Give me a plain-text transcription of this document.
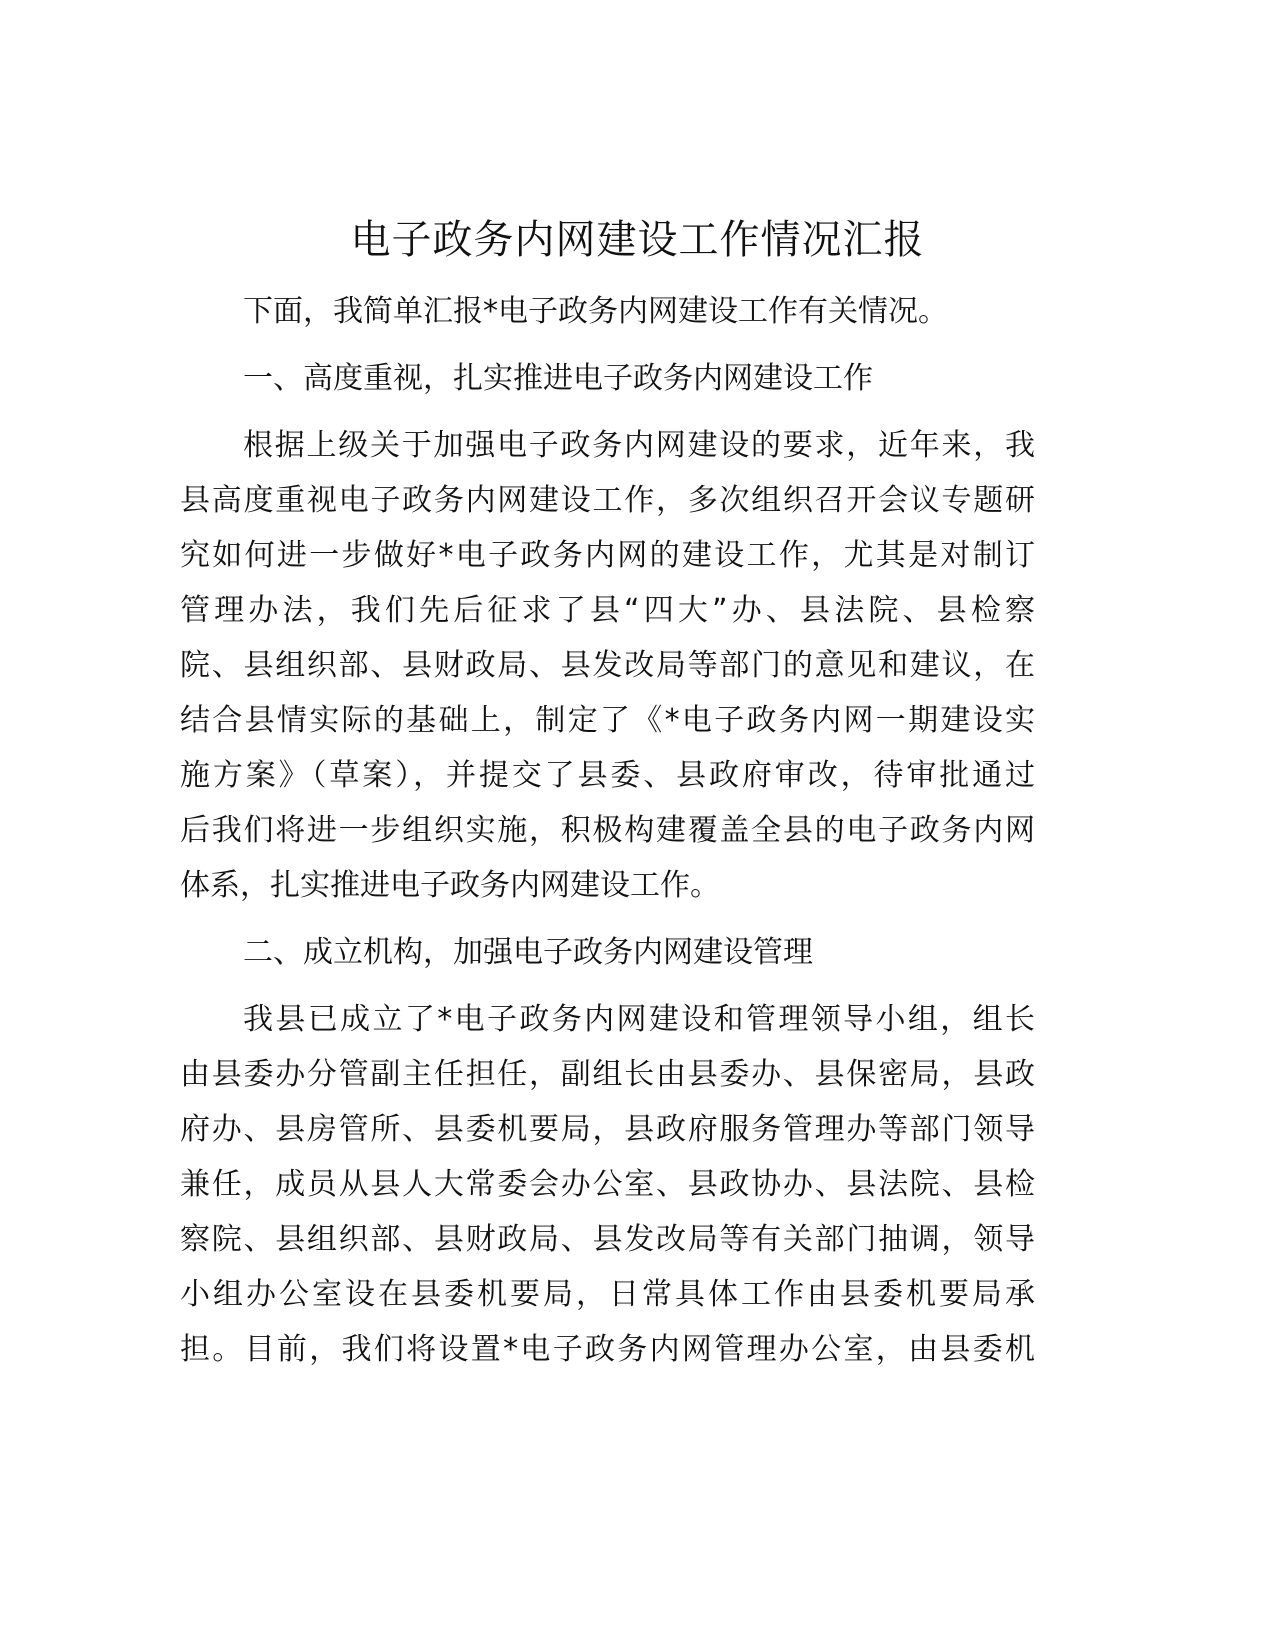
电子政务内网建设工作情况汇报
下面，我简单汇报*电子政务内网建设工作有关情况。
一、高度重视，扎实推进电子政务内网建设工作
根据上级关于加强电子政务内网建设的要求，近年来，我
县高度重视电子政务内网建设工作，多次组织召开会议专题研
究如何进一步做好*电子政务内网的建设工作，尤其是对制订
管理办法，我们先后征求了县“四大”办、县法院、县检察
院、县组织部、县财政局、县发改局等部门的意见和建议，在
结合县情实际的基础上，制定了《*电子政务内网一期建设实
施方案》（草案），并提交了县委、县政府审改，待审批通过
后我们将进一步组织实施，积极构建覆盖全县的电子政务内网
体系，扎实推进电子政务内网建设工作。
二、成立机构，加强电子政务内网建设管理
我县已成立了*电子政务内网建设和管理领导小组，组长
由县委办分管副主任担任，副组长由县委办、县保密局，县政
府办、县房管所、县委机要局，县政府服务管理办等部门领导
兼任，成员从县人大常委会办公室、县政协办、县法院、县检
察院、县组织部、县财政局、县发改局等有关部门抽调，领导
小组办公室设在县委机要局，日常具体工作由县委机要局承
担。目前，我们将设置*电子政务内网管理办公室，由县委机
